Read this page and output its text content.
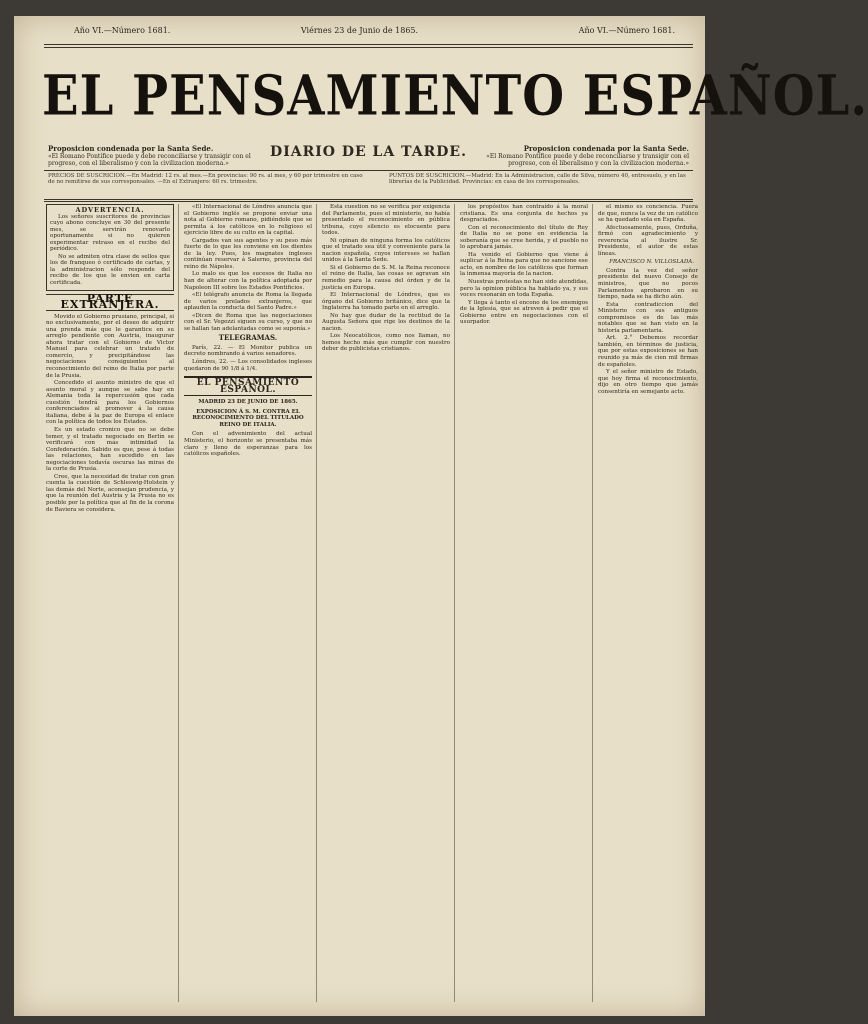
Año VI.—Número 1681.	Viérnes 23 de Junio de 1865.	Año VI.—Número 1681.
EL PENSAMIENTO ESPAÑOL.
Proposicion condenada por la Santa Sede.
«El Romano Pontífice puede y debe reconciliarse y transigir con el progreso, con el liberalismo y con la civilizacion moderna.»
DIARIO DE LA TARDE.	Proposicion condenada por la Santa Sede.
«El Romano Pontífice puede y debe reconciliarse y transigir con el progreso, con el liberalismo y con la civilizacion moderna.»
PRECIOS DE SUSCRICION.—En Madrid: 12 rs. al mes.—En provincias: 90 rs. al mes, y 60 por trimestre en caso de no remitirse de sus corresponsales. —En el Extranjero: 60 rs. trimestre.
PUNTOS DE SUSCRICION.—Madrid: En la Administracion, calle de Silva, número 40, entresuelo, y en las librerías de la Publicidad. Provincias: en casa de los corresponsales.
ADVERTENCIA.

Los señores suscritores de provincias cuyo abono concluye en 30 del presente mes, se servirán renovarlo oportunamente si no quieren experimentar retraso en el recibo del periódico.

No se admiten otra clase de sellos que los de franqueo ó certificado de cartas, y la administracion sólo responde del recibo de los que le envien en carta certificada.

PARTE EXTRANJERA.

Movido el Gobierno prusiano, principal, si no exclusivamente, por el deseo de adquirir una prenda más que le garantice en su arreglo pendiente con Austria, inaugurar ahora tratar con el Gobierno de Victor Manuel para celebrar un tratado de comercio, y precipitándose las negociaciones consiguientes al reconocimiento del reino de Italia por parte de la Prusia.

Concedido el asunto ministro de que el asunto moral y aunque se sabe hay en Alemania toda la repercusión que cada cuestión tendrá para los Gobiernos conferenciados al promover á la causa italiana, debe á la paz de Europa el enlace con la política de todos los Estados.

Es un estado cronico que no se debe temer, y el tratado negociado en Berlín se verificará con más intimidad la Confederación. Sabido es que, pese á todas las relaciones, han sucedido en las negociaciones todavía oscuras las miras de la corte de Prusia.

Cree, que la necesidad de tratar con gran cuenta la cuestión de Schleswig-Holstein y las demás del Norte, aconsejan prudencia, y que la reunión del Austria y la Prusia no es posible por la política que al fin de la corona de Baviera se considera.

«El Internacional de Lóndres anuncia que el Gobierno inglés se propone enviar una nota al Gobierno romano, pidiéndole que se permita á los católicos en lo religioso el ejercicio libre de su culto en la capital.

Cargados van sus agentes y su peso más fuerte de lo que les conviene en los dientes de la ley. Pues, los magnates ingleses continúan reservar á Salerno, provincia del reino de Nápoles.

Lo malo es que los sucesos de Italia no han de alterar con la política adoptada por Napoleon III sobre los Estados Pontificios.

«El telégrafo anuncia de Roma la llegada de varios prelados extranjeros, que aplauden la conducta del Santo Padre.»

«Dicen de Roma que las negociaciones con el Sr. Vegezzi siguen su curso, y que no se hallan tan adelantadas como se suponía.»

TELEGRAMAS.

París, 22. — El Monitor publica un decreto nombrando á varios senadores.

Lóndres, 22. — Los consolidados ingleses quedaron de 90 1/8 á 1/4.

EL PENSAMIENTO ESPAÑOL.
MADRID 23 DE JUNIO DE 1865.
EXPOSICION Á S. M. CONTRA EL RECONOCIMIENTO DEL TITULADO REINO DE ITALIA.

Con el advenimiento del actual Ministerio, el horizonte se presentaba más claro y lleno de esperanzas para los católicos españoles.

Esta cuestion no se verifica por exigencia del Parlamento, pues el ministerio, no había presentado el reconocimiento en pública tribuna, cuyo silencio es elocuente para todos.

Ni opinan de ninguna forma los católicos que el tratado sea útil y conveniente para la nacion española, cuyos intereses se hallan unidos á la Santa Sede.

Si el Gobierno de S. M. la Reina reconoce el reino de Italia, las cosas se agravan sin remedio para la causa del órden y de la justicia en Europa.

El Internacional de Lóndres, que es órgano del Gobierno británico, dice que la Inglaterra ha tomado parte en el arreglo.

No hay que dudar de la rectitud de la Augusta Señora que rige los destinos de la nacion.

Los Neocatólicos, como nos llaman, no hemos hecho más que cumplir con nuestro deber de publicistas cristianos.

los propósitos han contraído á la moral cristiana. Es una conjunta de hechos ya desgraciados.

Con el reconocimiento del título de Rey de Italia no se pone en evidencia la soberanía que se cree herida, y el pueblo no lo aprobará jamás.

Ha venido el Gobierno que viene á suplicar á la Reina para que no sancione ese acto, en nombre de los católicos que forman la inmensa mayoría de la nacion.

Nuestras protestas no han sido atendidas, pero la opinion pública ha hablado ya, y sus voces resonarán en toda España.

Y llega á tanto el encono de los enemigos de la Iglesia, que se atreven á pedir que el Gobierno entre en negociaciones con el usurpador.

el mismo es conciencia. Fuera de que, nunca la vez de un católico se ha quedado sola en España.

Afectuosamente, pues, Orduña, firmó con agradecimiento y reverencia al ilustre Sr. Presidente, el autor de estas líneas.

FRANCISCO N. VILLOSLADA.

Contra la vez del señor presidente del nuevo Consejo de ministros, que no pocos Parlamentos aprobaron en su tiempo, nada se ha dicho aún.

Esta contradiccion del Ministerio con sus antiguos compromisos es de las más notables que se han visto en la historia parlamentaria.

Art. 2.° Debemos recordar también, en términos de justicia, que por estas exposiciones se han reunido ya más de cien mil firmas de españoles.

Y el señor ministro de Estado, que hoy firma el reconocimiento, dijo en otro tiempo que jamás consentiría en semejante acto.
